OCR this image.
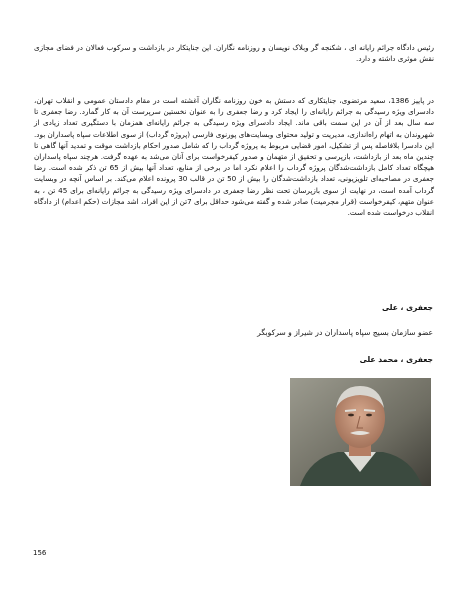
رئیس دادگاه جرائم رایانه ای ، شکنجه گر وبلاک نویسان و روزنامه نگاران. این جنایتکار در بازداشت و سرکوب فعالان در فضای مجازی نقش موثری داشته و دارد.

در پاییز 1386، سعید مرتضوی، جنایتکاری که دستش به خون روزنامه نگاران آغشته است در مقام دادستان عمومی و انقلاب تهران، دادسرای ویژه رسیدگی به جرائم رایانه‌ای را ایجاد کرد و رضا جعفری را به عنوان نخستین سرپرست آن به کار گمارد. رضا جعفری تا سه سال بعد از آن در این سمت باقی ماند. ایجاد دادسرای ویژه رسیدگی به جرائم رایانه‌ای همزمان با دستگیری تعداد زیادی از شهروندان به اتهام راه‌اندازی، مدیریت و تولید محتوای وبسایت‌های پورنوی فارسی (پروژه گرداب) از سوی اطلاعات سپاه پاسداران بود. این دادسرا بلافاصله پس از تشکیل، امور قضایی مربوط به پروژه گرداب را که شامل صدور احکام بازداشت موقت و تمدید آنها گاهی تا چندین ماه بعد از بازداشت، بازپرسی و تحقیق از متهمان و صدور کیفرخواست برای آنان می‌شد به عهده گرفت. هرچند سپاه پاسداران هیچگاه تعداد کامل بازداشت‌شدگان پروژه گرداب را اعلام نکرد اما در برخی از منابع، تعداد آنها بیش از 65 تن ذکر شده است. رضا جعفری در مصاحبه‌ای تلویزیونی، تعداد بازداشت‌شدگان را بیش از 50 تن در قالب 30 پرونده اعلام می‌کند. بر اساس آنچه در وبسایت گرداب آمده است، در نهایت از سوی بازپرسان تحت نظر رضا جعفری در دادسرای ویژه رسیدگی به جرائم رایانه‌ای برای 45 تن ، به عنوان متهم، کیفرخواست (قرار مجرمیت) صادر شده و گفته می‌شود حداقل برای 7تن از این افراد، اشد مجازات (حکم اعدام) از دادگاه انقلاب درخواست شده است.

جعفری ، علی

عضو سازمان بسیج سپاه پاسداران در شیراز و سرکوبگر

جعفری ، محمد علی

156
